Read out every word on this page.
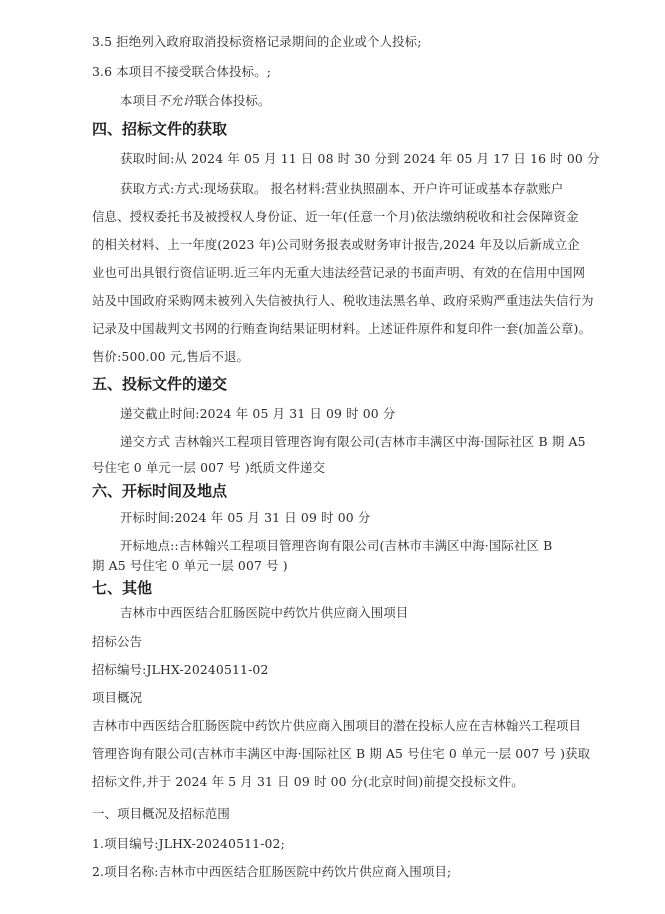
3.5 拒绝列入政府取消投标资格记录期间的企业或个人投标;
3.6 本项目不接受联合体投标。;
本项目不允许联合体投标。
四、招标文件的获取
获取时间:从 2024 年 05 月 11 日 08 时 30 分到 2024 年 05 月 17 日 16 时 00 分
获取方式:方式:现场获取。 报名材料:营业执照副本、开户许可证或基本存款账户
信息、授权委托书及被授权人身份证、近一年(任意一个月)依法缴纳税收和社会保障资金
的相关材料、上一年度(2023 年)公司财务报表或财务审计报告,2024 年及以后新成立企
业也可出具银行资信证明.近三年内无重大违法经营记录的书面声明、有效的在信用中国网
站及中国政府采购网未被列入失信被执行人、税收违法黑名单、政府采购严重违法失信行为
记录及中国裁判文书网的行贿查询结果证明材料。上述证件原件和复印件一套(加盖公章)。
售价:500.00 元,售后不退。
五、投标文件的递交
递交截止时间:2024 年 05 月 31 日 09 时 00 分
递交方式 吉林翰兴工程项目管理咨询有限公司(吉林市丰满区中海·国际社区 B 期 A5
号住宅 0 单元一层 007 号 )纸质文件递交
六、开标时间及地点
开标时间:2024 年 05 月 31 日 09 时 00 分
开标地点::吉林翰兴工程项目管理咨询有限公司(吉林市丰满区中海·国际社区 B
期 A5 号住宅 0 单元一层 007 号 )
七、其他
吉林市中西医结合肛肠医院中药饮片供应商入围项目
招标公告
招标编号:JLHX-20240511-02
项目概况
吉林市中西医结合肛肠医院中药饮片供应商入围项目的潜在投标人应在吉林翰兴工程项目
管理咨询有限公司(吉林市丰满区中海·国际社区 B 期 A5 号住宅 0 单元一层 007 号 )获取
招标文件,并于 2024 年 5 月 31 日 09 时 00 分(北京时间)前提交投标文件。
一、项目概况及招标范围
1.项目编号:JLHX-20240511-02;
2.项目名称:吉林市中西医结合肛肠医院中药饮片供应商入围项目;
